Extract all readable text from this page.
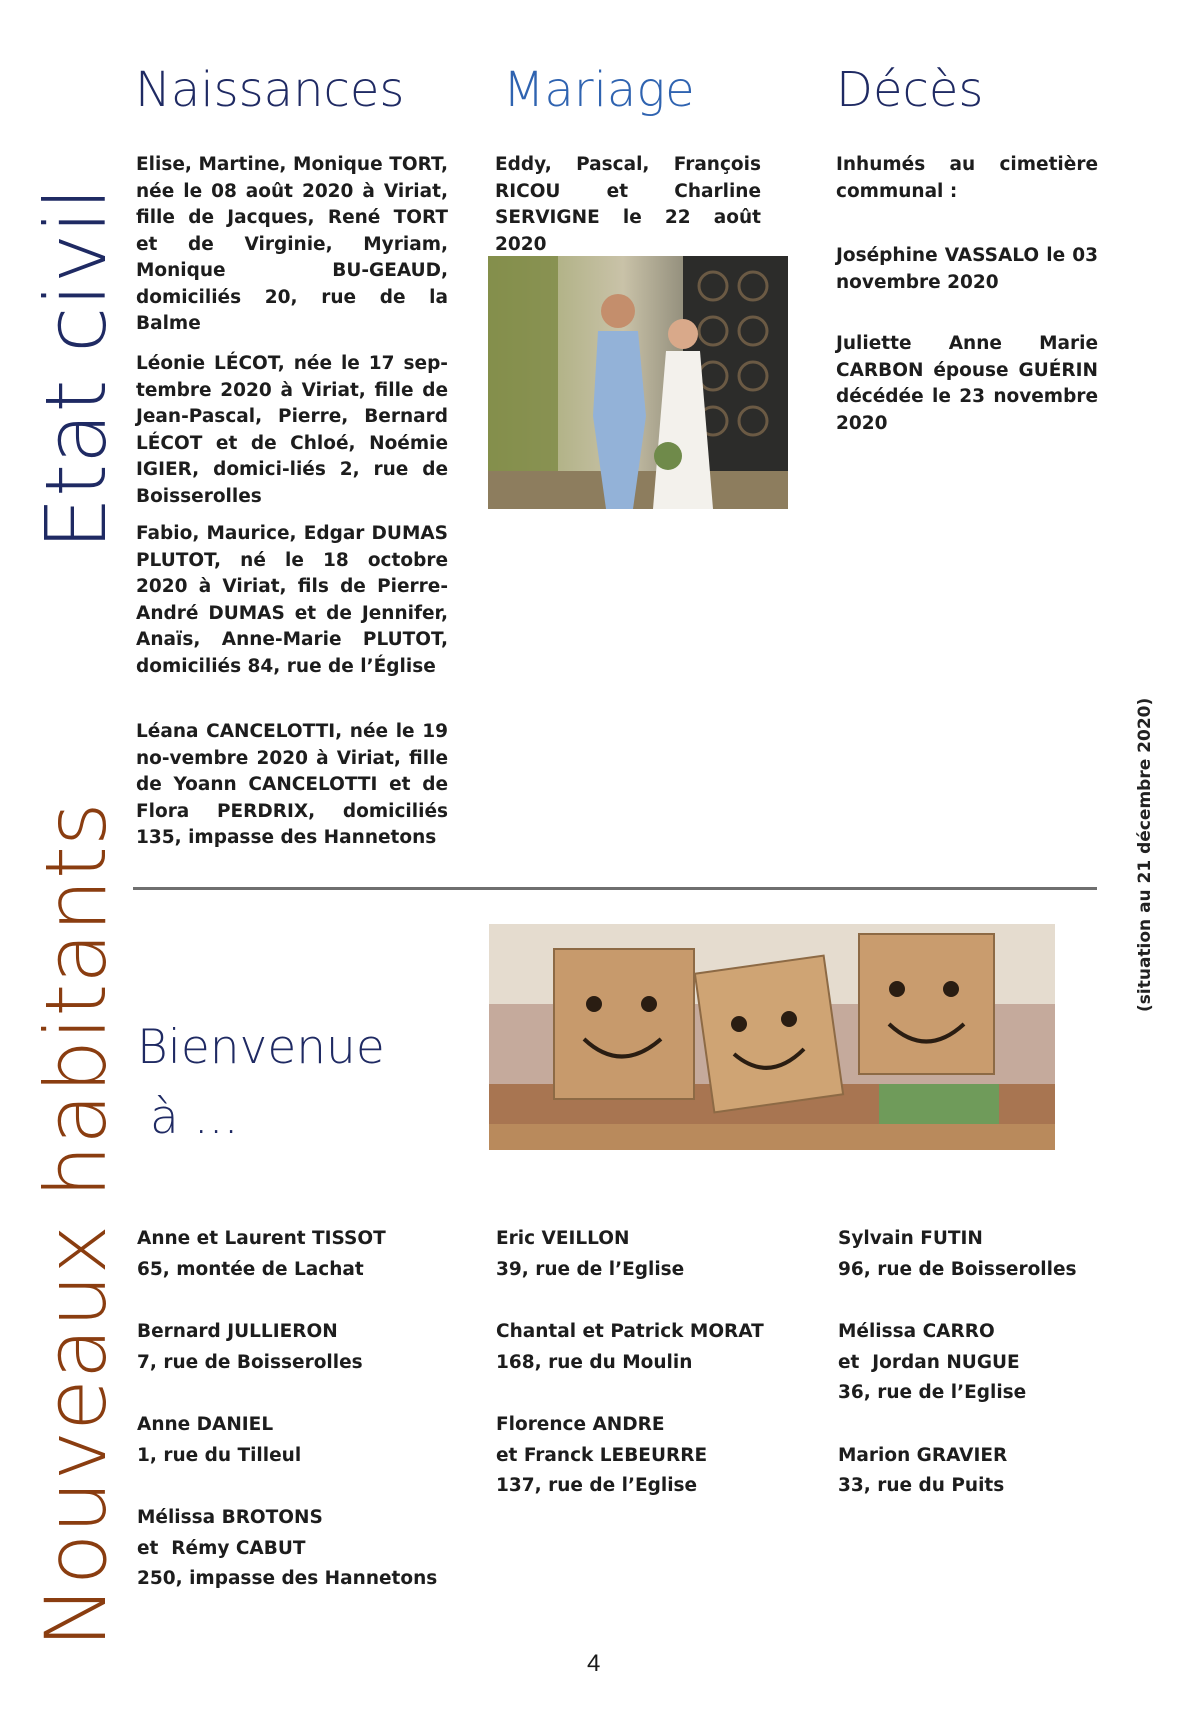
Etat civil
Nouveaux habitants	(situation au 21 décembre 2020)
Naissances Mariage	Décès

Elise, Martine, Monique TORT, née le 08 août 2020 à Viriat, fille de Jacques, René TORT et de Virginie, Myriam, Monique BU-GEAUD, domiciliés 20, rue de la Balme

Léonie LÉCOT, née le 17 sep-tembre 2020 à Viriat, fille de Jean-Pascal, Pierre, Bernard LÉCOT et de Chloé, Noémie IGIER, domici-liés 2, rue de Boisserolles

Fabio, Maurice, Edgar DUMAS PLUTOT, né le 18 octobre 2020 à Viriat, fils de Pierre-André DUMAS et de Jennifer, Anaïs, Anne-Marie PLUTOT, domiciliés 84, rue de l’Église

Léana CANCELOTTI, née le 19 no-vembre 2020 à Viriat, fille de Yoann CANCELOTTI et de Flora PERDRIX, domiciliés 135, impasse des Hannetons

Eddy, Pascal, François RICOU et Charline SERVIGNE le 22 août 2020

Inhumés au cimetière communal :

Joséphine VASSALO le 03 novembre 2020

Juliette Anne Marie CARBON épouse GUÉRIN décédée le 23 novembre 2020

Bienvenue
à ...
Anne et Laurent TISSOT
65, montée de Lachat
Bernard JULLIERON
7, rue de Boisserolles
Anne DANIEL
1, rue du Tilleul
Mélissa BROTONS
et  Rémy CABUT
250, impasse des Hannetons
Eric VEILLON
39, rue de l’Eglise
Chantal et Patrick MORAT
168, rue du Moulin
Florence ANDRE
et Franck LEBEURRE
137, rue de l’Eglise
Sylvain FUTIN
96, rue de Boisserolles
Mélissa CARRO
et  Jordan NUGUE
36, rue de l’Eglise
Marion GRAVIER
33, rue du Puits
4
